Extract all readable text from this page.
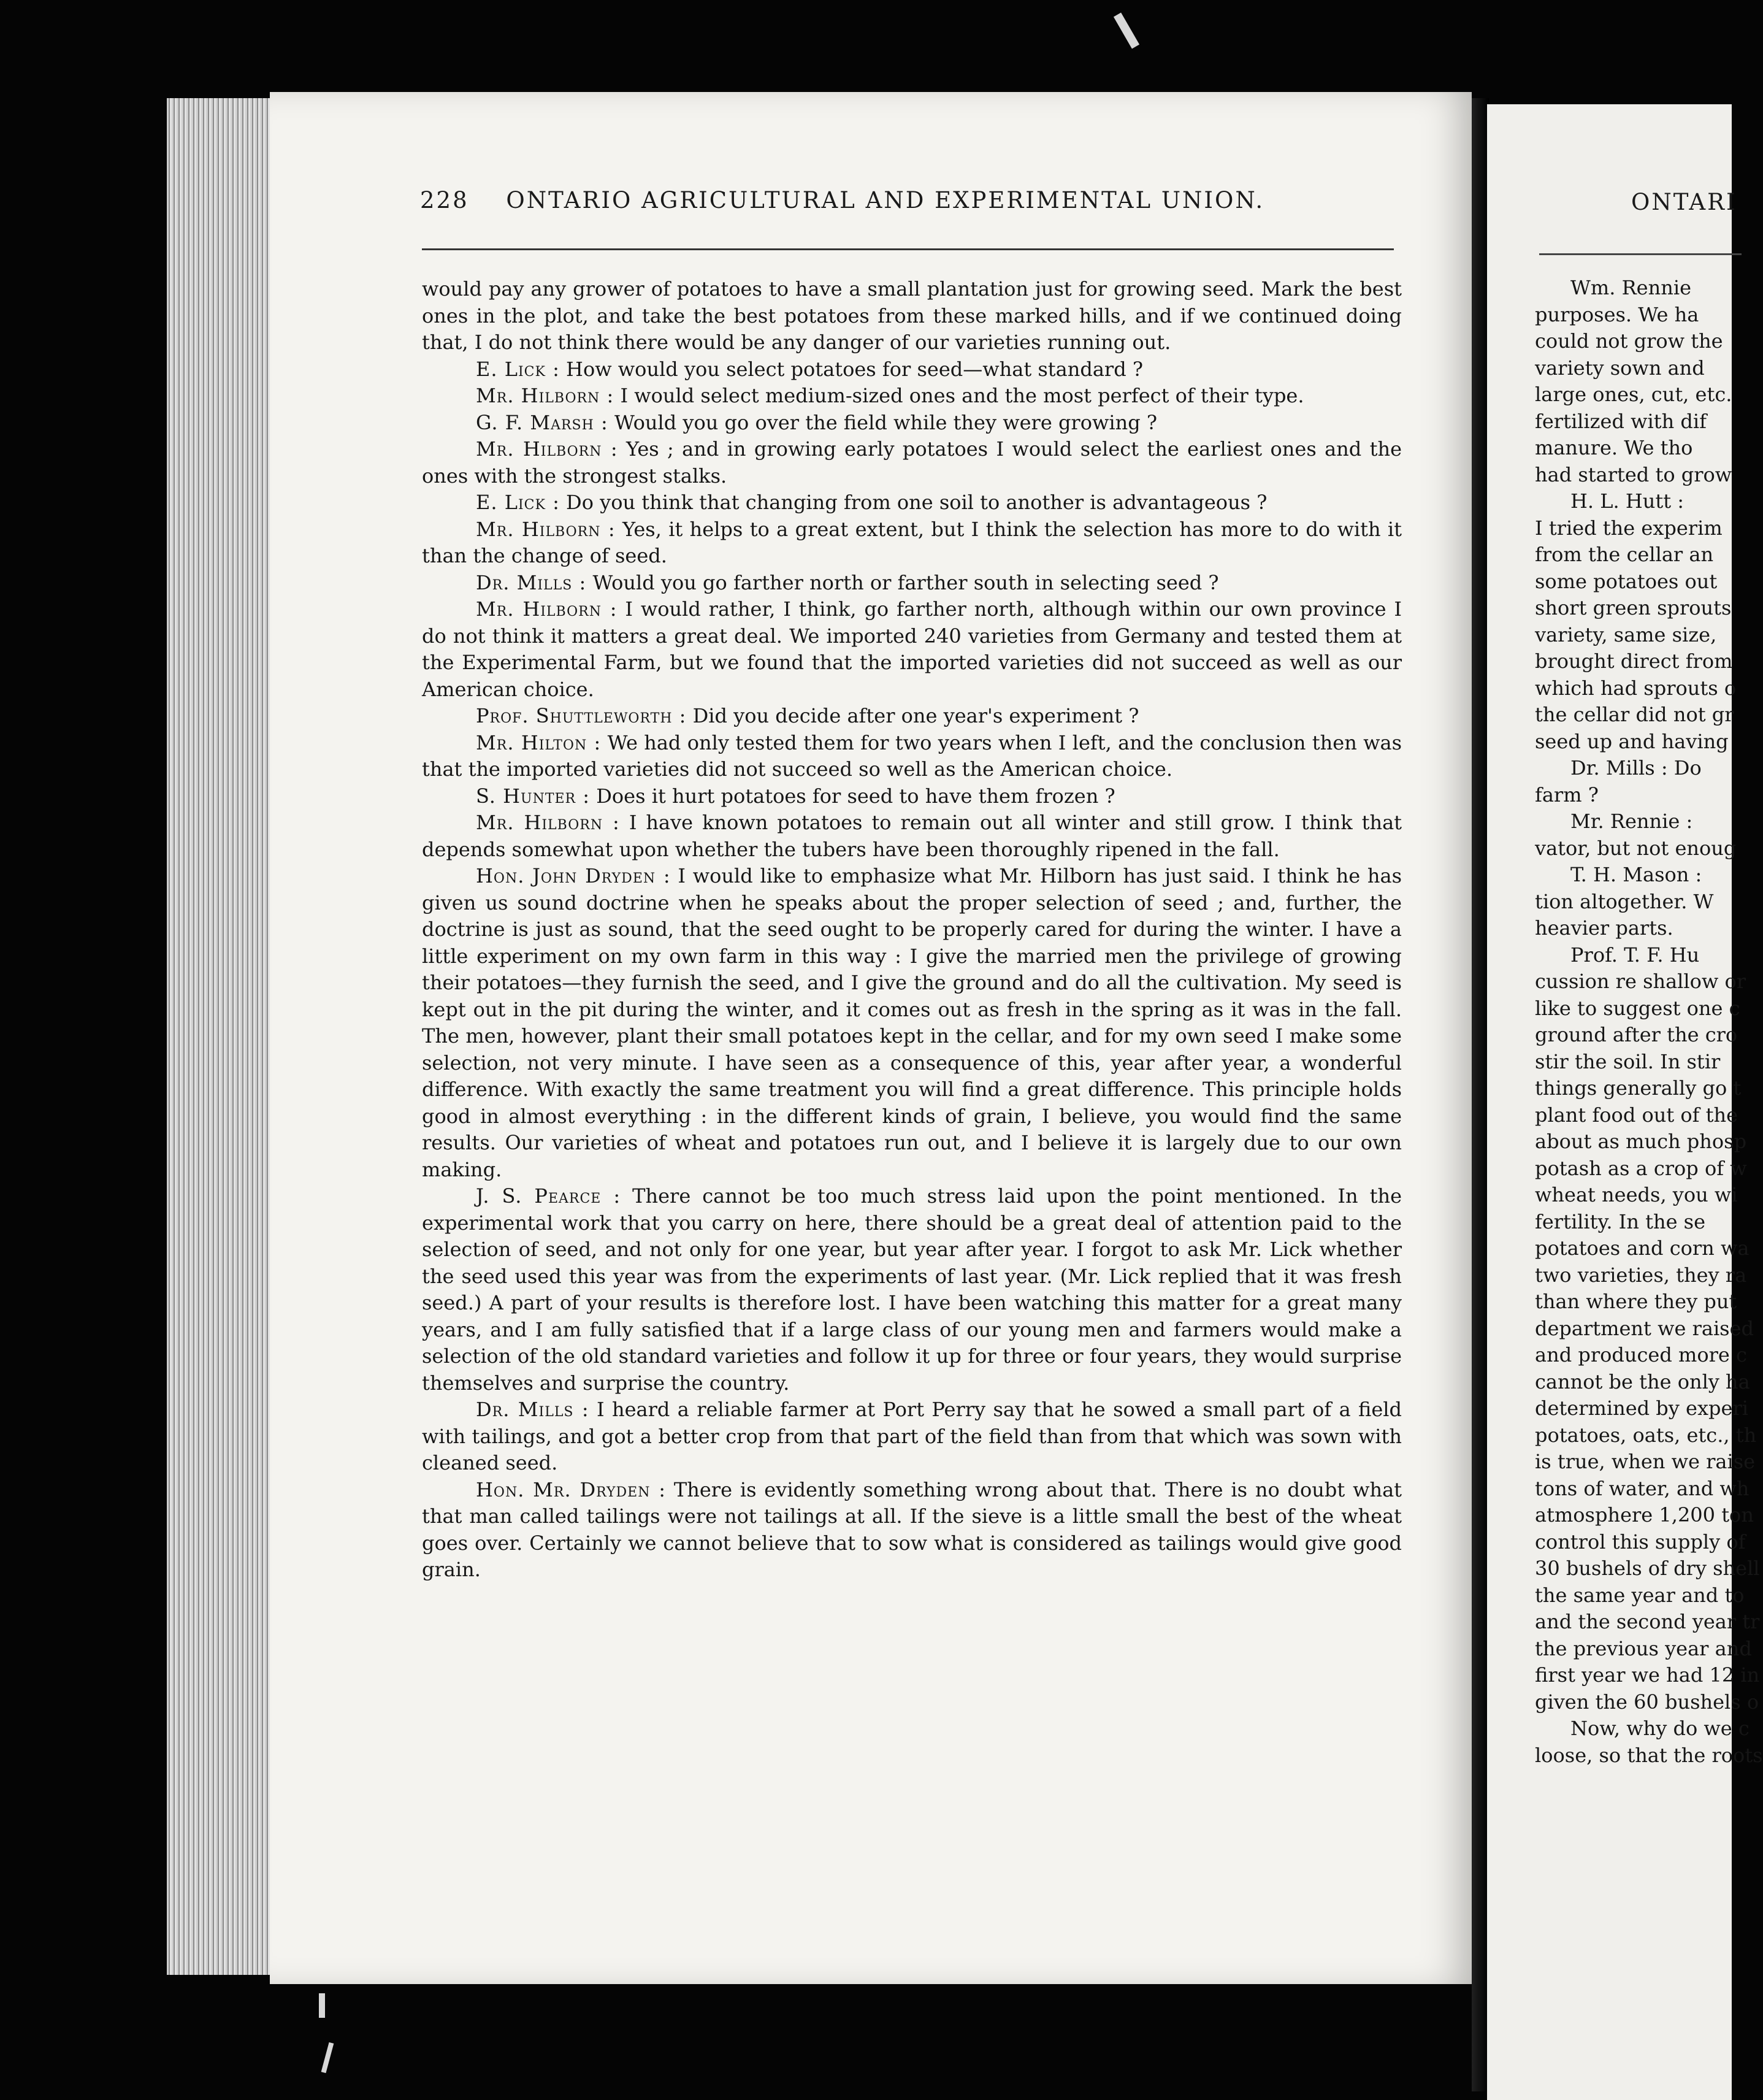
ONTARI
Wm. Rennie
purposes. We ha
could not grow the
variety sown and
large ones, cut, etc.
fertilized with dif
manure. We tho
had started to grow
H. L. Hutt :
I tried the experim
from the cellar an
some potatoes out
short green sprouts
variety, same size,
brought direct from
which had sprouts o
the cellar did not gr
seed up and having
Dr. Mills : Do
farm ?
Mr. Rennie :
vator, but not enoug
T. H. Mason :
tion altogether. W
heavier parts.
Prof. T. F. Hu
cussion re shallow or
like to suggest one c
ground after the cro
stir the soil. In stir
things generally go t
plant food out of the
about as much phosp
potash as a crop of w
wheat needs, you wi
fertility. In the se
potatoes and corn wa
two varieties, they ra
than where they put
department we raised
and produced more c
cannot be the only ha
determined by experi
potatoes, oats, etc., th
is true, when we raise
tons of water, and wh
atmosphere 1,200 ton
control this supply of
30 bushels of dry shell
the same year and to
and the second year tr
the previous year and
first year we had 12 in
given the 60 bushels o
Now, why do we c
loose, so that the roots
228 ONTARIO AGRICULTURAL AND EXPERIMENTAL UNION.

would pay any grower of potatoes to have a small plantation just for growing seed. Mark the best ones in the plot, and take the best potatoes from these marked hills, and if we continued doing that, I do not think there would be any danger of our varieties running out.

E. Lick : How would you select potatoes for seed—what standard ?

Mr. Hilborn : I would select medium-sized ones and the most perfect of their type.

G. F. Marsh : Would you go over the field while they were growing ?

Mr. Hilborn : Yes ; and in growing early potatoes I would select the earliest ones and the ones with the strongest stalks.

E. Lick : Do you think that changing from one soil to another is advantageous ?

Mr. Hilborn : Yes, it helps to a great extent, but I think the selection has more to do with it than the change of seed.

Dr. Mills : Would you go farther north or farther south in selecting seed ?

Mr. Hilborn : I would rather, I think, go farther north, although within our own province I do not think it matters a great deal. We imported 240 varieties from Germany and tested them at the Experimental Farm, but we found that the imported varieties did not succeed as well as our American choice.

Prof. Shuttleworth : Did you decide after one year's experiment ?

Mr. Hilton : We had only tested them for two years when I left, and the conclusion then was that the imported varieties did not succeed so well as the American choice.

S. Hunter : Does it hurt potatoes for seed to have them frozen ?

Mr. Hilborn : I have known potatoes to remain out all winter and still grow. I think that depends somewhat upon whether the tubers have been thoroughly ripened in the fall.

Hon. John Dryden : I would like to emphasize what Mr. Hilborn has just said. I think he has given us sound doctrine when he speaks about the proper selection of seed ; and, further, the doctrine is just as sound, that the seed ought to be properly cared for during the winter. I have a little experiment on my own farm in this way : I give the married men the privilege of growing their potatoes—they furnish the seed, and I give the ground and do all the cultivation. My seed is kept out in the pit during the winter, and it comes out as fresh in the spring as it was in the fall. The men, however, plant their small potatoes kept in the cellar, and for my own seed I make some selection, not very minute. I have seen as a consequence of this, year after year, a wonderful difference. With exactly the same treatment you will find a great difference. This principle holds good in almost everything : in the different kinds of grain, I believe, you would find the same results. Our varieties of wheat and potatoes run out, and I believe it is largely due to our own making.

J. S. Pearce : There cannot be too much stress laid upon the point mentioned. In the experimental work that you carry on here, there should be a great deal of attention paid to the selection of seed, and not only for one year, but year after year. I forgot to ask Mr. Lick whether the seed used this year was from the experiments of last year. (Mr. Lick replied that it was fresh seed.) A part of your results is therefore lost. I have been watching this matter for a great many years, and I am fully satisfied that if a large class of our young men and farmers would make a selection of the old standard varieties and follow it up for three or four years, they would surprise themselves and surprise the country.

Dr. Mills : I heard a reliable farmer at Port Perry say that he sowed a small part of a field with tailings, and got a better crop from that part of the field than from that which was sown with cleaned seed.

Hon. Mr. Dryden : There is evidently something wrong about that. There is no doubt what that man called tailings were not tailings at all. If the sieve is a little small the best of the wheat goes over. Certainly we cannot believe that to sow what is considered as tailings would give good grain.
